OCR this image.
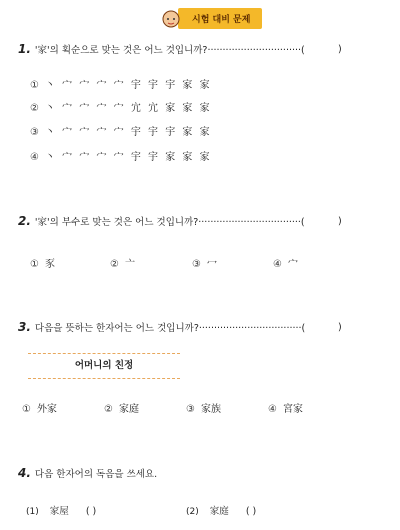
시험 대비 문제
1. '家'의 획순으로 맞는 것은 어느 것입니까?·······························(	)
① 丶 宀 宀 宀 宀 宇 宇 宇 家 家
② 丶 宀 宀 宀 宀 宂 宂 家 家 家
③ 丶 宀 宀 宀 宀 宇 宇 宇 家 家
④ 丶 宀 宀 宀 宀 宇 宇 家 家 家
2. '家'의 부수로 맞는 것은 어느 것입니까?··································(	)
① 豕	② 亠	③ 冖	④ 宀
3. 다음을 뜻하는 한자어는 어느 것입니까?··································(	)
어머니의 친정
① 外家	② 家庭	③ 家族	④ 宮家
4. 다음 한자어의 독음을 쓰세요.
(1) 家屋 ( )	(2) 家庭 ( )
